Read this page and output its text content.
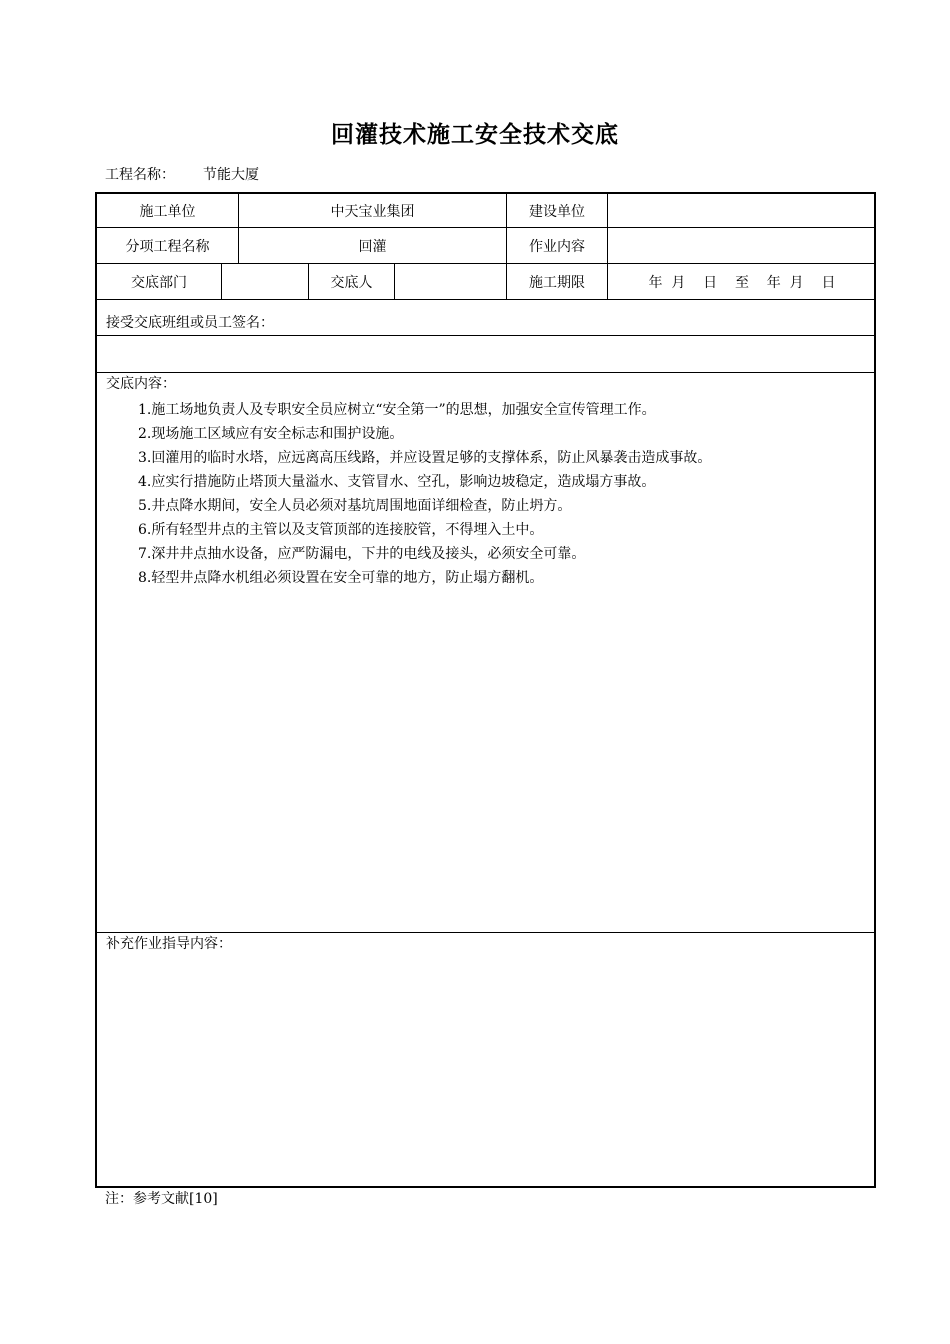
回灌技术施工安全技术交底
工程名称： 节能大厦
施工单位	中天宝业集团	建设单位
分项工程名称	回灌	作业内容
交底部门	交底人	施工期限	年  月    日    至    年  月    日
接受交底班组或员工签名：
交底内容：
1.施工场地负责人及专职安全员应树立“安全第一”的思想，加强安全宣传管理工作。
2.现场施工区域应有安全标志和围护设施。
3.回灌用的临时水塔，应远离高压线路，并应设置足够的支撑体系，防止风暴袭击造成事故。
4.应实行措施防止塔顶大量溢水、支管冒水、空孔，影响边坡稳定，造成塌方事故。
5.井点降水期间，安全人员必须对基坑周围地面详细检查，防止坍方。
6.所有轻型井点的主管以及支管顶部的连接胶管，不得埋入土中。
7.深井井点抽水设备，应严防漏电，下井的电线及接头，必须安全可靠。
8.轻型井点降水机组必须设置在安全可靠的地方，防止塌方翻机。
补充作业指导内容：
注：参考文献[10]
